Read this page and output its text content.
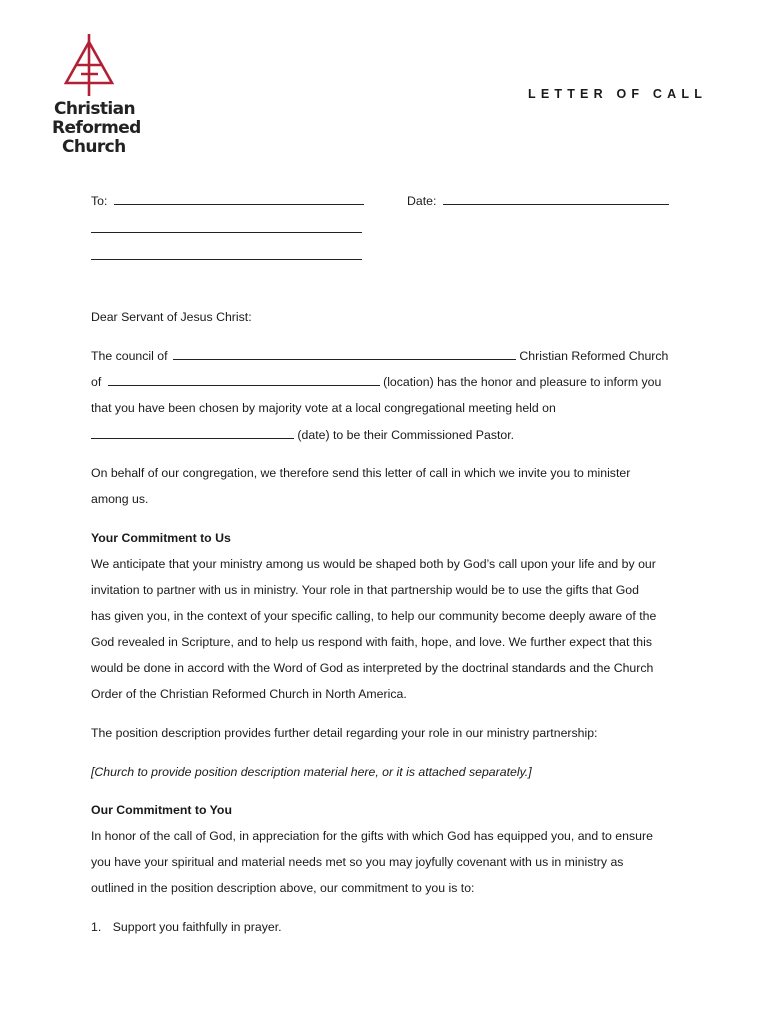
Christian
Reformed
Church
LETTER OF CALL
To:	Date:
Dear Servant of Jesus Christ:
The council of	Christian Reformed Church
of	(location) has the honor and pleasure to inform you
that you have been chosen by majority vote at a local congregational meeting held on
(date) to be their Commissioned Pastor.
On behalf of our congregation, we therefore send this letter of call in which we invite you to minister
among us.
Your Commitment to Us
We anticipate that your ministry among us would be shaped both by God’s call upon your life and by our
invitation to partner with us in ministry. Your role in that partnership would be to use the gifts that God
has given you, in the context of your specific calling, to help our community become deeply aware of the
God revealed in Scripture, and to help us respond with faith, hope, and love. We further expect that this
would be done in accord with the Word of God as interpreted by the doctrinal standards and the Church
Order of the Christian Reformed Church in North America.
The position description provides further detail regarding your role in our ministry partnership:
[Church to provide position description material here, or it is attached separately.]
Our Commitment to You
In honor of the call of God, in appreciation for the gifts with which God has equipped you, and to ensure
you have your spiritual and material needs met so you may joyfully covenant with us in ministry as
outlined in the position description above, our commitment to you is to:
1. Support you faithfully in prayer.
